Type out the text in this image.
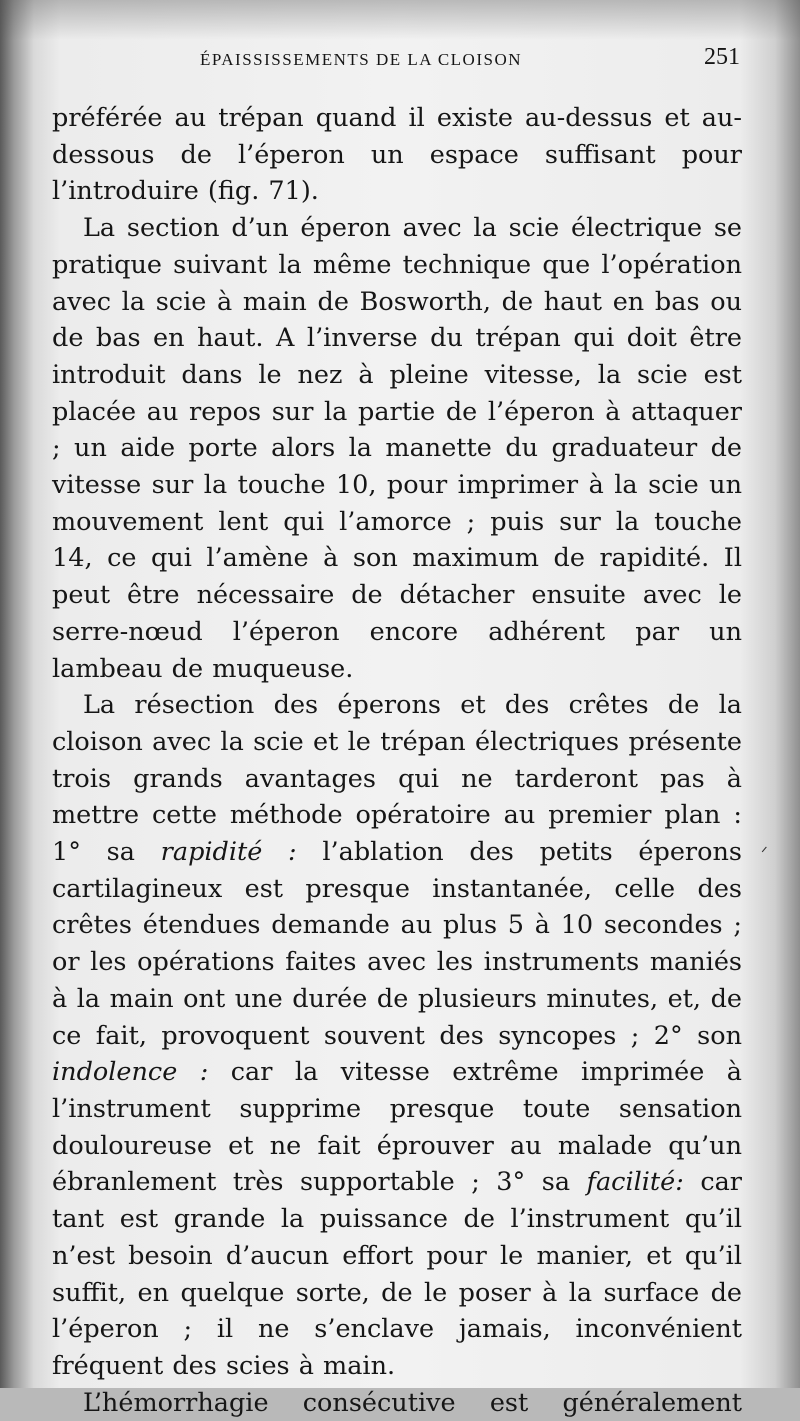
ÉPAISSISSEMENTS DE LA CLOISON	251

préférée au trépan quand il existe au-dessus et au-dessous de l’éperon un espace suffisant pour l’introduire (fig. 71).

La section d’un éperon avec la scie électrique se pratique suivant la même technique que l’opération avec la scie à main de Bosworth, de haut en bas ou de bas en haut. A l’inverse du trépan qui doit être introduit dans le nez à pleine vitesse, la scie est placée au repos sur la partie de l’éperon à attaquer ; un aide porte alors la manette du graduateur de vitesse sur la touche 10, pour imprimer à la scie un mouvement lent qui l’amorce ; puis sur la touche 14, ce qui l’amène à son maximum de rapidité. Il peut être nécessaire de détacher ensuite avec le serre-nœud l’éperon encore adhérent par un lambeau de muqueuse.

La résection des éperons et des crêtes de la cloison avec la scie et le trépan électriques présente trois grands avantages qui ne tarderont pas à mettre cette méthode opératoire au premier plan : 1° sa rapidité : l’ablation des petits éperons cartilagineux est presque instantanée, celle des crêtes étendues demande au plus 5 à 10 secondes ; or les opérations faites avec les instruments maniés à la main ont une durée de plusieurs minutes, et, de ce fait, provoquent souvent des syncopes ; 2° son indolence : car la vitesse extrême imprimée à l’instrument supprime presque toute sensation douloureuse et ne fait éprouver au malade qu’un ébranlement très supportable ; 3° sa facilité: car tant est grande la puissance de l’instrument qu’il n’est besoin d’aucun effort pour le manier, et qu’il suffit, en quelque sorte, de le poser à la surface de l’éperon ; il ne s’enclave jamais, inconvénient fréquent des scies à main.

L’hémorrhagie consécutive est généralement

ᐟ
